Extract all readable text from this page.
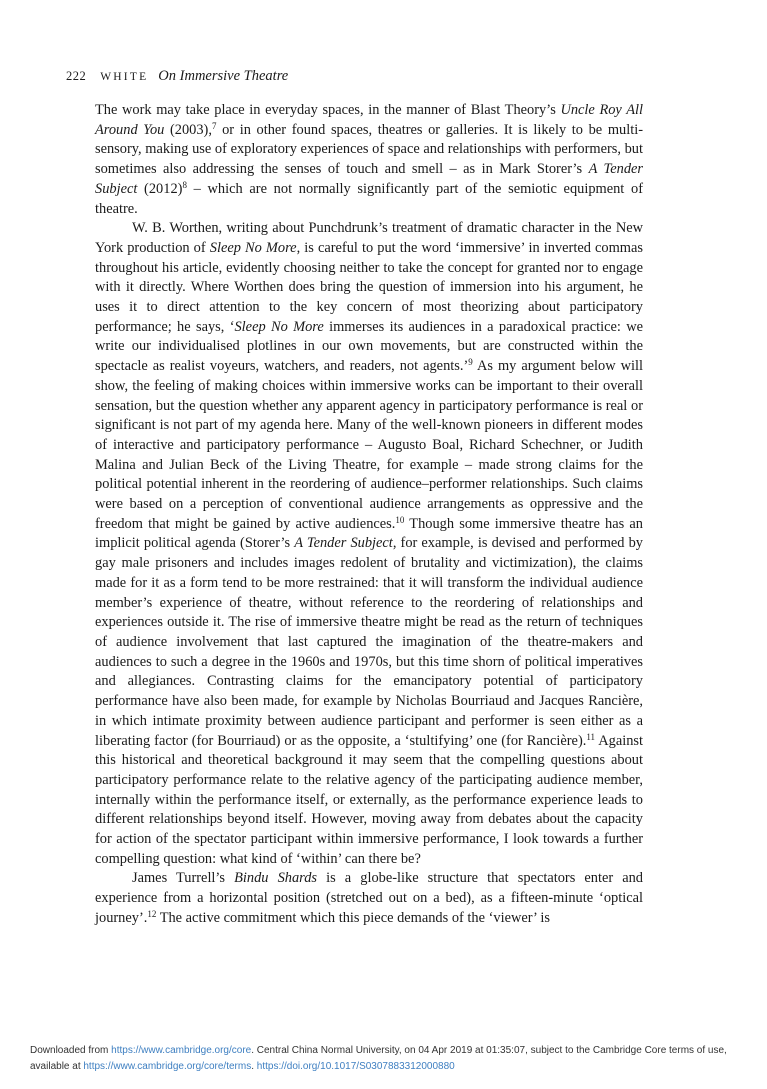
222 WHITE On Immersive Theatre

The work may take place in everyday spaces, in the manner of Blast Theory’s Uncle Roy All Around You (2003),$^7$ or in other found spaces, theatres or galleries. It is likely to be multi-sensory, making use of exploratory experiences of space and relationships with performers, but sometimes also addressing the senses of touch and smell – as in Mark Storer’s A Tender Subject (2012)$^8$ – which are not normally significantly part of the semiotic equipment of theatre.

W. B. Worthen, writing about Punchdrunk’s treatment of dramatic character in the New York production of Sleep No More, is careful to put the word ‘immersive’ in inverted commas throughout his article, evidently choosing neither to take the concept for granted nor to engage with it directly. Where Worthen does bring the question of immersion into his argument, he uses it to direct attention to the key concern of most theorizing about participatory performance; he says, ‘Sleep No More immerses its audiences in a paradoxical practice: we write our individualised plotlines in our own movements, but are constructed within the spectacle as realist voyeurs, watchers, and readers, not agents.’$^9$ As my argument below will show, the feeling of making choices within immersive works can be important to their overall sensation, but the question whether any apparent agency in participatory performance is real or significant is not part of my agenda here. Many of the well-known pioneers in different modes of interactive and participatory performance – Augusto Boal, Richard Schechner, or Judith Malina and Julian Beck of the Living Theatre, for example – made strong claims for the political potential inherent in the reordering of audience–performer relationships. Such claims were based on a perception of conventional audience arrangements as oppressive and the freedom that might be gained by active audiences.$^{10}$ Though some immersive theatre has an implicit political agenda (Storer’s A Tender Subject, for example, is devised and performed by gay male prisoners and includes images redolent of brutality and victimization), the claims made for it as a form tend to be more restrained: that it will transform the individual audience member’s experience of theatre, without reference to the reordering of relationships and experiences outside it. The rise of immersive theatre might be read as the return of techniques of audience involvement that last captured the imagination of the theatre-makers and audiences to such a degree in the 1960s and 1970s, but this time shorn of political imperatives and allegiances. Contrasting claims for the emancipatory potential of participatory performance have also been made, for example by Nicholas Bourriaud and Jacques Rancière, in which intimate proximity between audience participant and performer is seen either as a liberating factor (for Bourriaud) or as the opposite, a ‘stultifying’ one (for Rancière).$^{11}$ Against this historical and theoretical background it may seem that the compelling questions about participatory performance relate to the relative agency of the participating audience member, internally within the performance itself, or externally, as the performance experience leads to different relationships beyond itself. However, moving away from debates about the capacity for action of the spectator participant within immersive performance, I look towards a further compelling question: what kind of ‘within’ can there be?

James Turrell’s Bindu Shards is a globe-like structure that spectators enter and experience from a horizontal position (stretched out on a bed), as a fifteen-minute ‘optical journey’.$^{12}$ The active commitment which this piece demands of the ‘viewer’ is

Downloaded from https://www.cambridge.org/core. Central China Normal University, on 04 Apr 2019 at 01:35:07, subject to the Cambridge Core terms of use,
available at https://www.cambridge.org/core/terms. https://doi.org/10.1017/S0307883312000880
